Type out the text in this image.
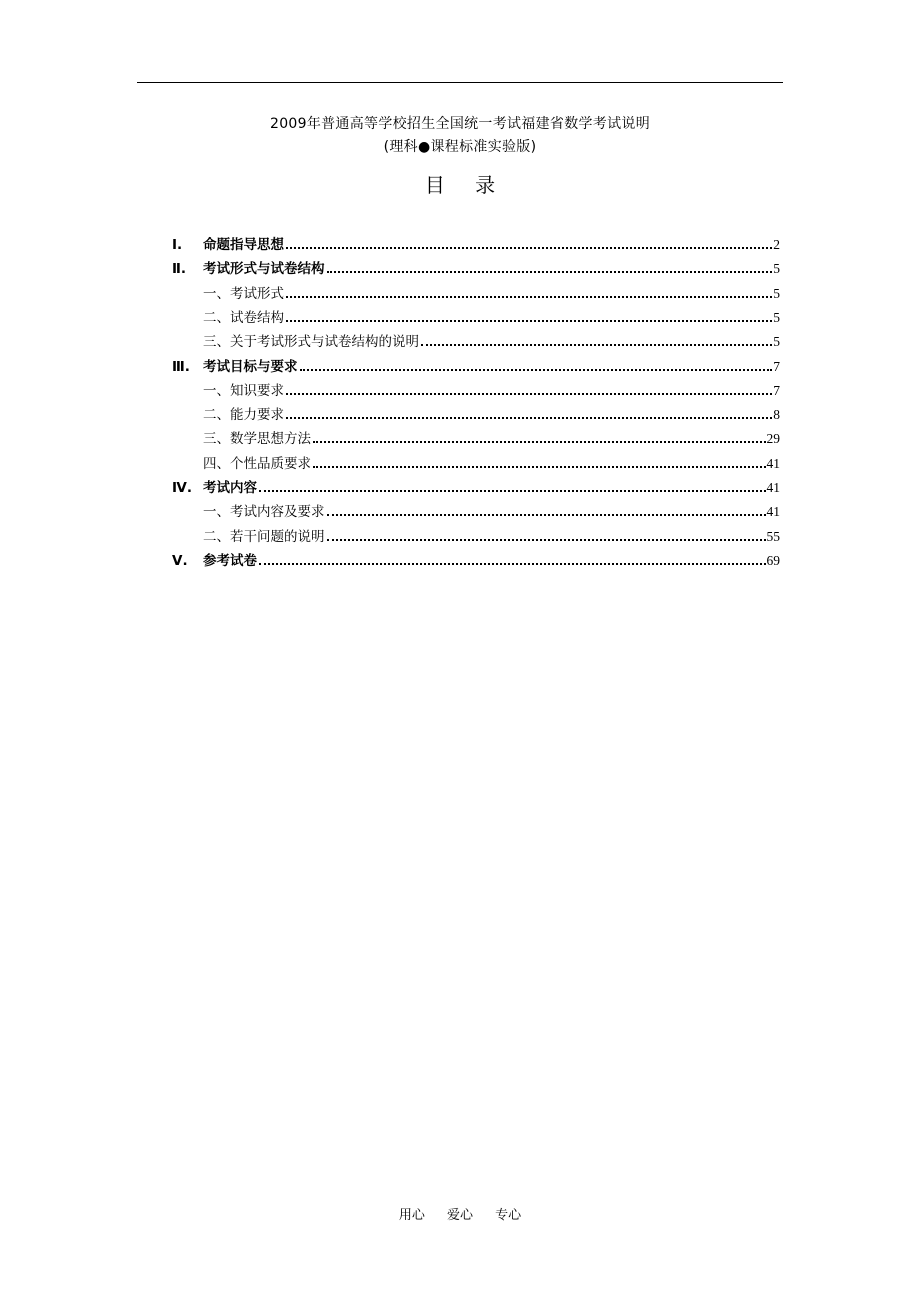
2009年普通高等学校招生全国统一考试福建省数学考试说明
(理科●课程标准实验版)
目 录
Ⅰ.	命题指导思想	2
Ⅱ.	考试形式与试卷结构	5
一、考试形式	5
二、试卷结构	5
三、关于考试形式与试卷结构的说明	5
Ⅲ. 考试目标与要求	7
一、知识要求	7
二、能力要求	8
三、数学思想方法	29
四、个性品质要求	41
Ⅳ. 考试内容	41
一、考试内容及要求	41
二、若干问题的说明	55
Ⅴ.	参考试卷	69
用心 爱心 专心
